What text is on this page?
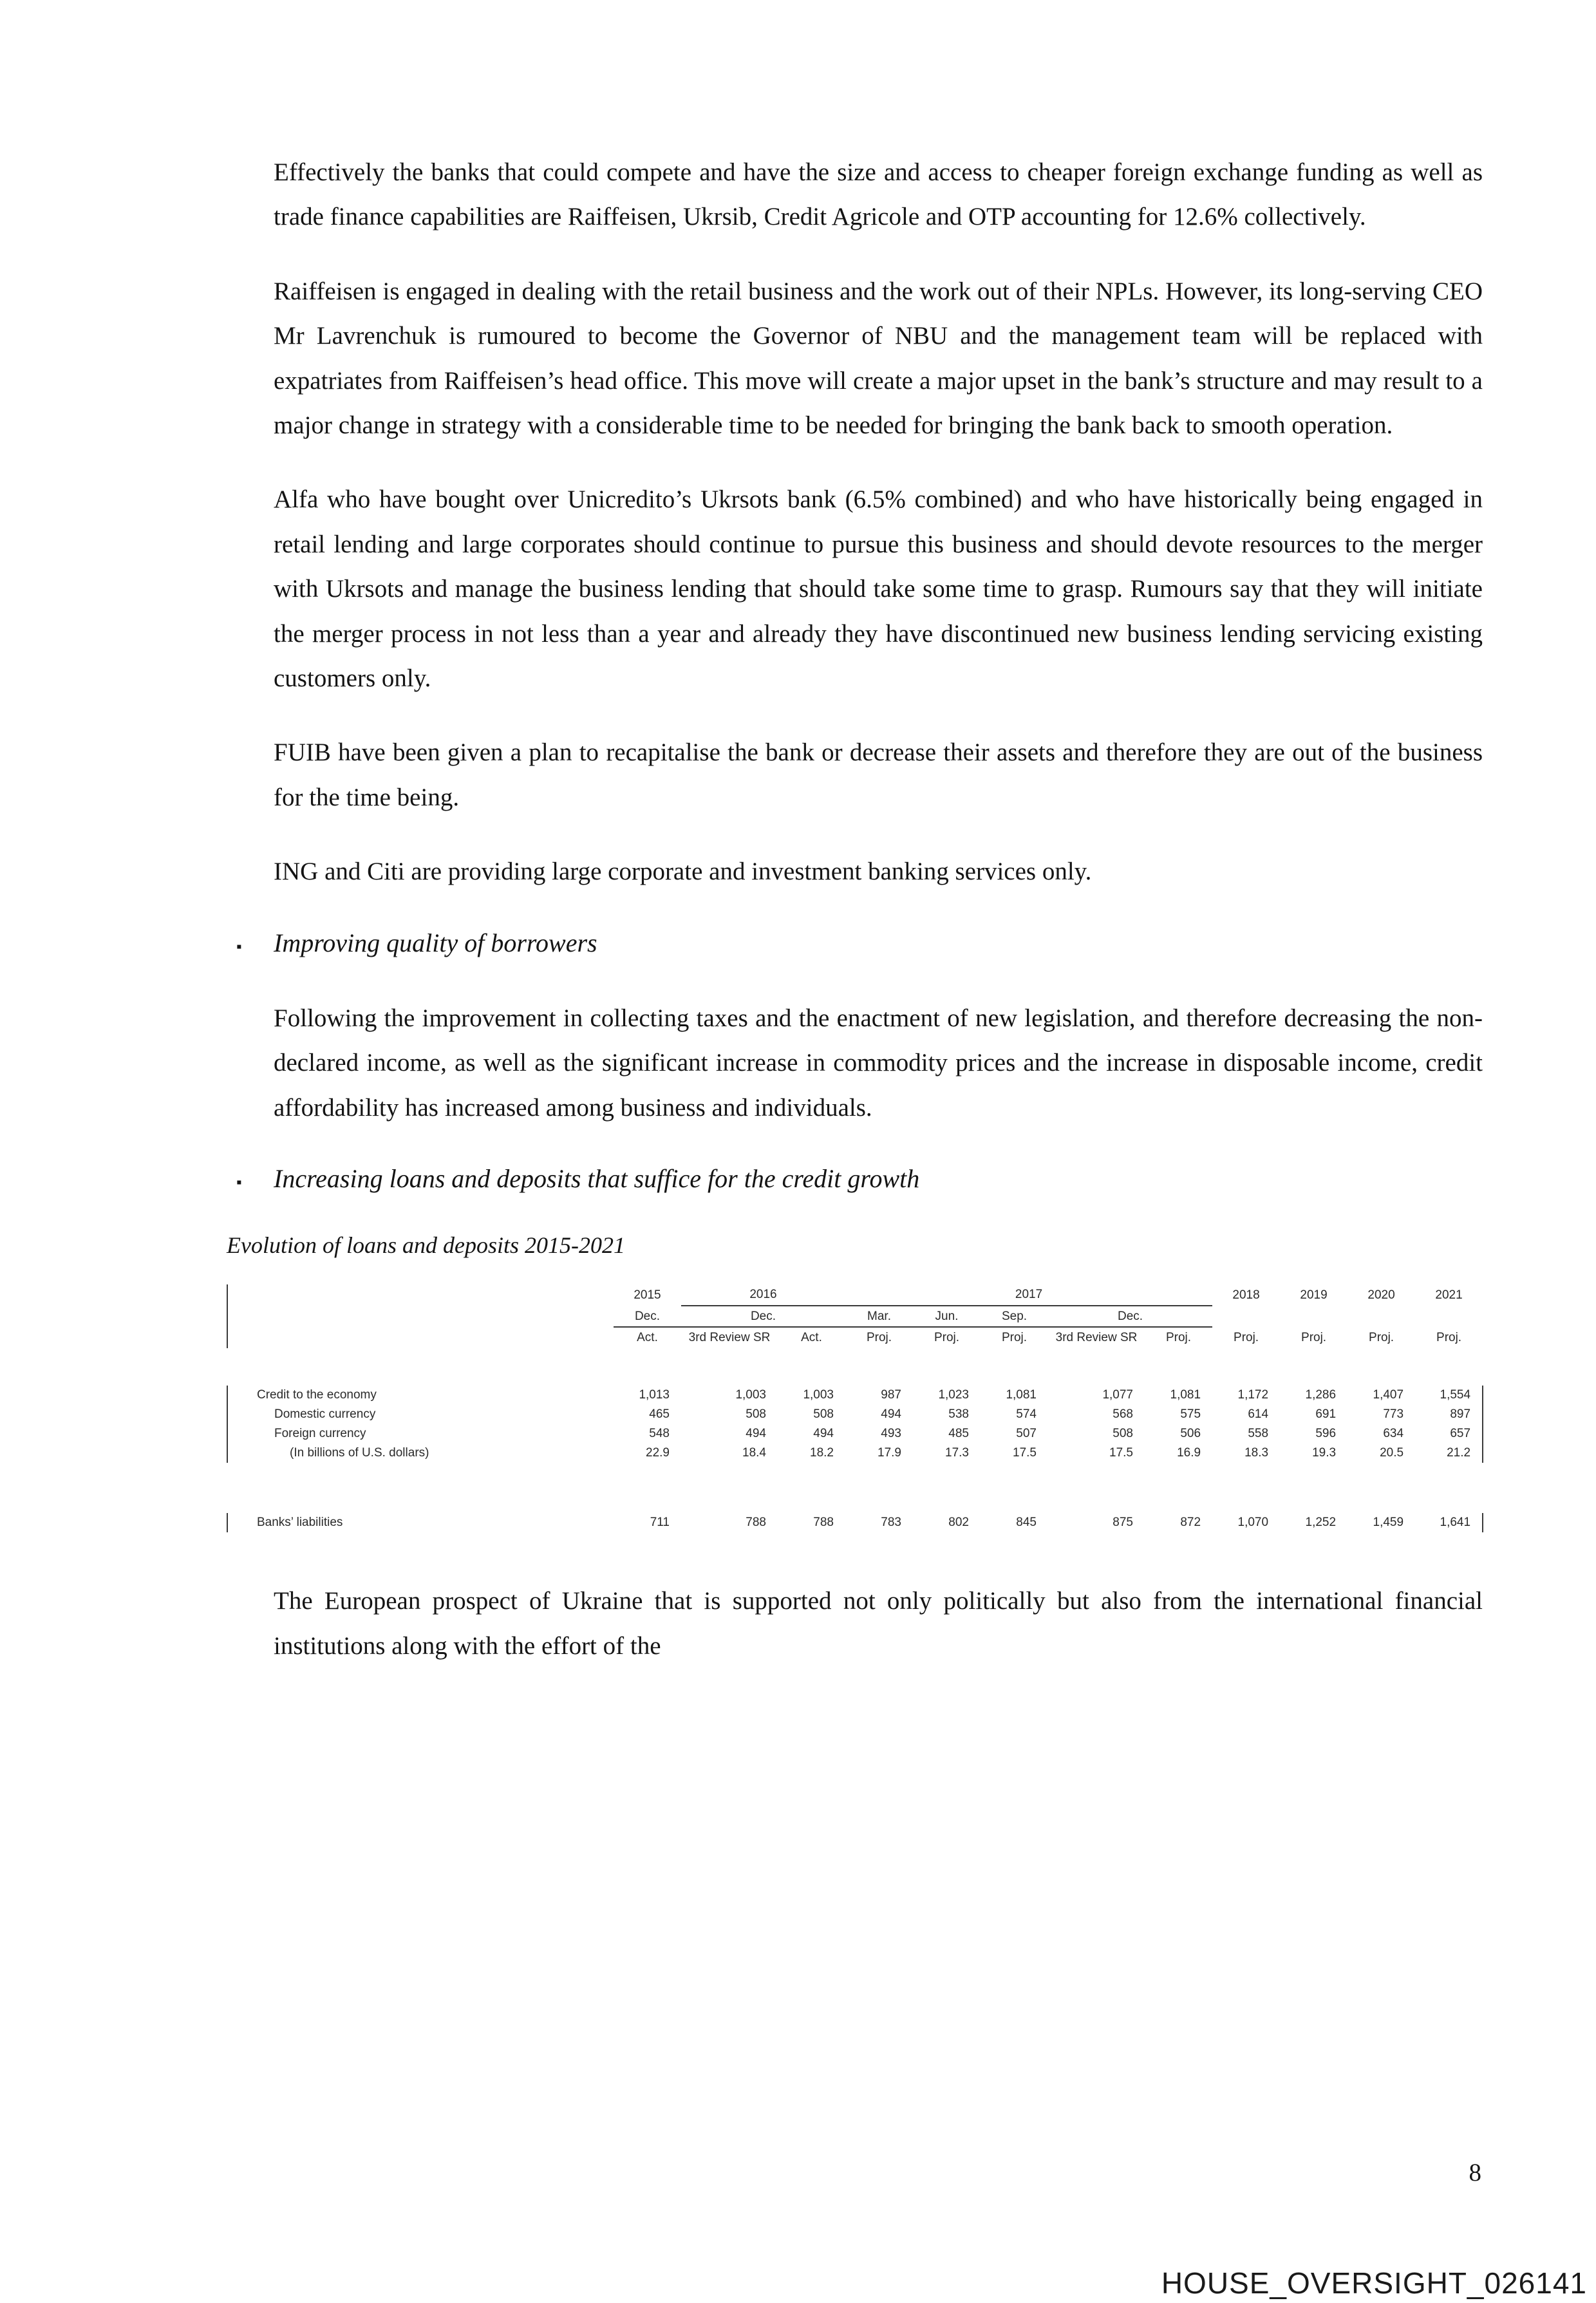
Effectively the banks that could compete and have the size and access to cheaper foreign exchange funding as well as trade finance capabilities are Raiffeisen, Ukrsib, Credit Agricole and OTP accounting for 12.6% collectively.

Raiffeisen is engaged in dealing with the retail business and the work out of their NPLs. However, its long-serving CEO Mr Lavrenchuk is rumoured to become the Governor of NBU and the management team will be replaced with expatriates from Raiffeisen’s head office. This move will create a major upset in the bank’s structure and may result to a major change in strategy with a considerable time to be needed for bringing the bank back to smooth operation.

Alfa who have bought over Unicredito’s Ukrsots bank (6.5% combined) and who have historically being engaged in retail lending and large corporates should continue to pursue this business and should devote resources to the merger with Ukrsots and manage the business lending that should take some time to grasp. Rumours say that they will initiate the merger process in not less than a year and already they have discontinued new business lending servicing existing customers only.

FUIB have been given a plan to recapitalise the bank or decrease their assets and therefore they are out of the business for the time being.

ING and Citi are providing large corporate and investment banking services only.

▪	Improving quality of borrowers

Following the improvement in collecting taxes and the enactment of new legislation, and therefore decreasing the non-declared income, as well as the significant increase in commodity prices and the increase in disposable income, credit affordability has increased among business and individuals.

▪	Increasing loans and deposits that suffice for the credit growth
Evolution of loans and deposits 2015-2021
	2015	2016		2017					2018	2019	2020	2021
	Dec.	Dec.		Mar.	Jun.	Sep.	Dec.					
	Act.	3rd Review SR	Act.	Proj.	Proj.	Proj.	3rd Review SR	Proj.	Proj.	Proj.	Proj.	Proj.

Credit to the economy	1,013	1,003	1,003	987	1,023	1,081	1,077	1,081	1,172	1,286	1,407	1,554
Domestic currency	465	508	508	494	538	574	568	575	614	691	773	897
Foreign currency	548	494	494	493	485	507	508	506	558	596	634	657
(In billions of U.S. dollars)	22.9	18.4	18.2	17.9	17.3	17.5	17.5	16.9	18.3	19.3	20.5	21.2

Banks’ liabilities	711	788	788	783	802	845	875	872	1,070	1,252	1,459	1,641

The European prospect of Ukraine that is supported not only politically but also from the international financial institutions along with the effort of the

8
HOUSE_OVERSIGHT_026141
